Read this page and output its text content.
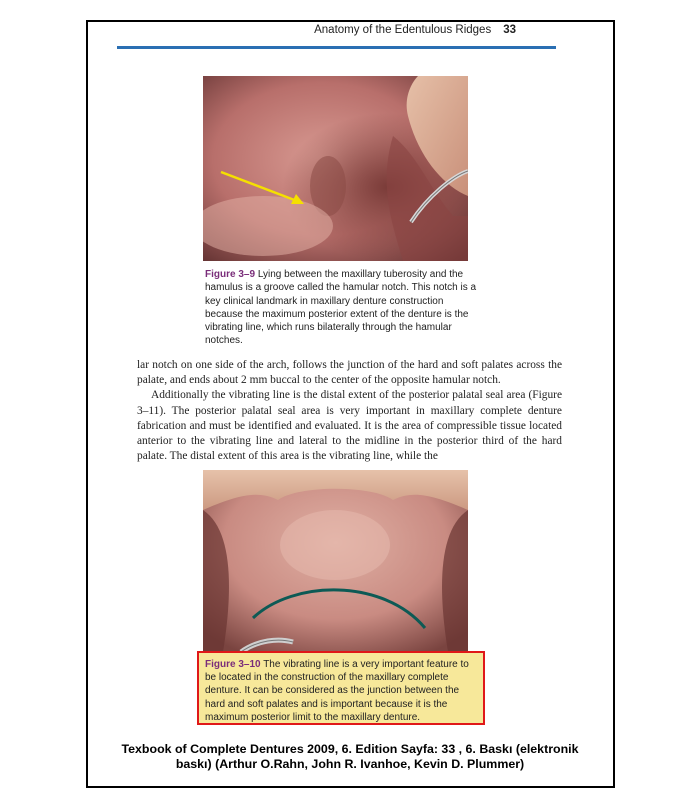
Anatomy of the Edentulous Ridges 33
Figure 3–9 Lying between the maxillary tuberosity and the hamulus is a groove called the hamular notch. This notch is a key clinical landmark in maxillary denture construction because the maximum posterior extent of the denture is the vibrating line, which runs bilaterally through the hamular notches.

lar notch on one side of the arch, follows the junction of the hard and soft palates across the palate, and ends about 2 mm buccal to the center of the opposite hamular notch.

Additionally the vibrating line is the distal extent of the posterior palatal seal area (Figure 3–11). The posterior palatal seal area is very important in maxillary complete denture fabrication and must be identified and evaluated. It is the area of compressible tissue located anterior to the vibrating line and lateral to the midline in the posterior third of the hard palate. The distal extent of this area is the vibrating line, while the

Figure 3–10 The vibrating line is a very important feature to be located in the construction of the maxillary complete denture. It can be considered as the junction between the hard and soft palates and is important because it is the maximum posterior limit to the maxillary denture.
Texbook of Complete Dentures 2009, 6. Edition Sayfa: 33 , 6. Baskı (elektronik
baskı) (Arthur O.Rahn, John R. Ivanhoe, Kevin D. Plummer)
